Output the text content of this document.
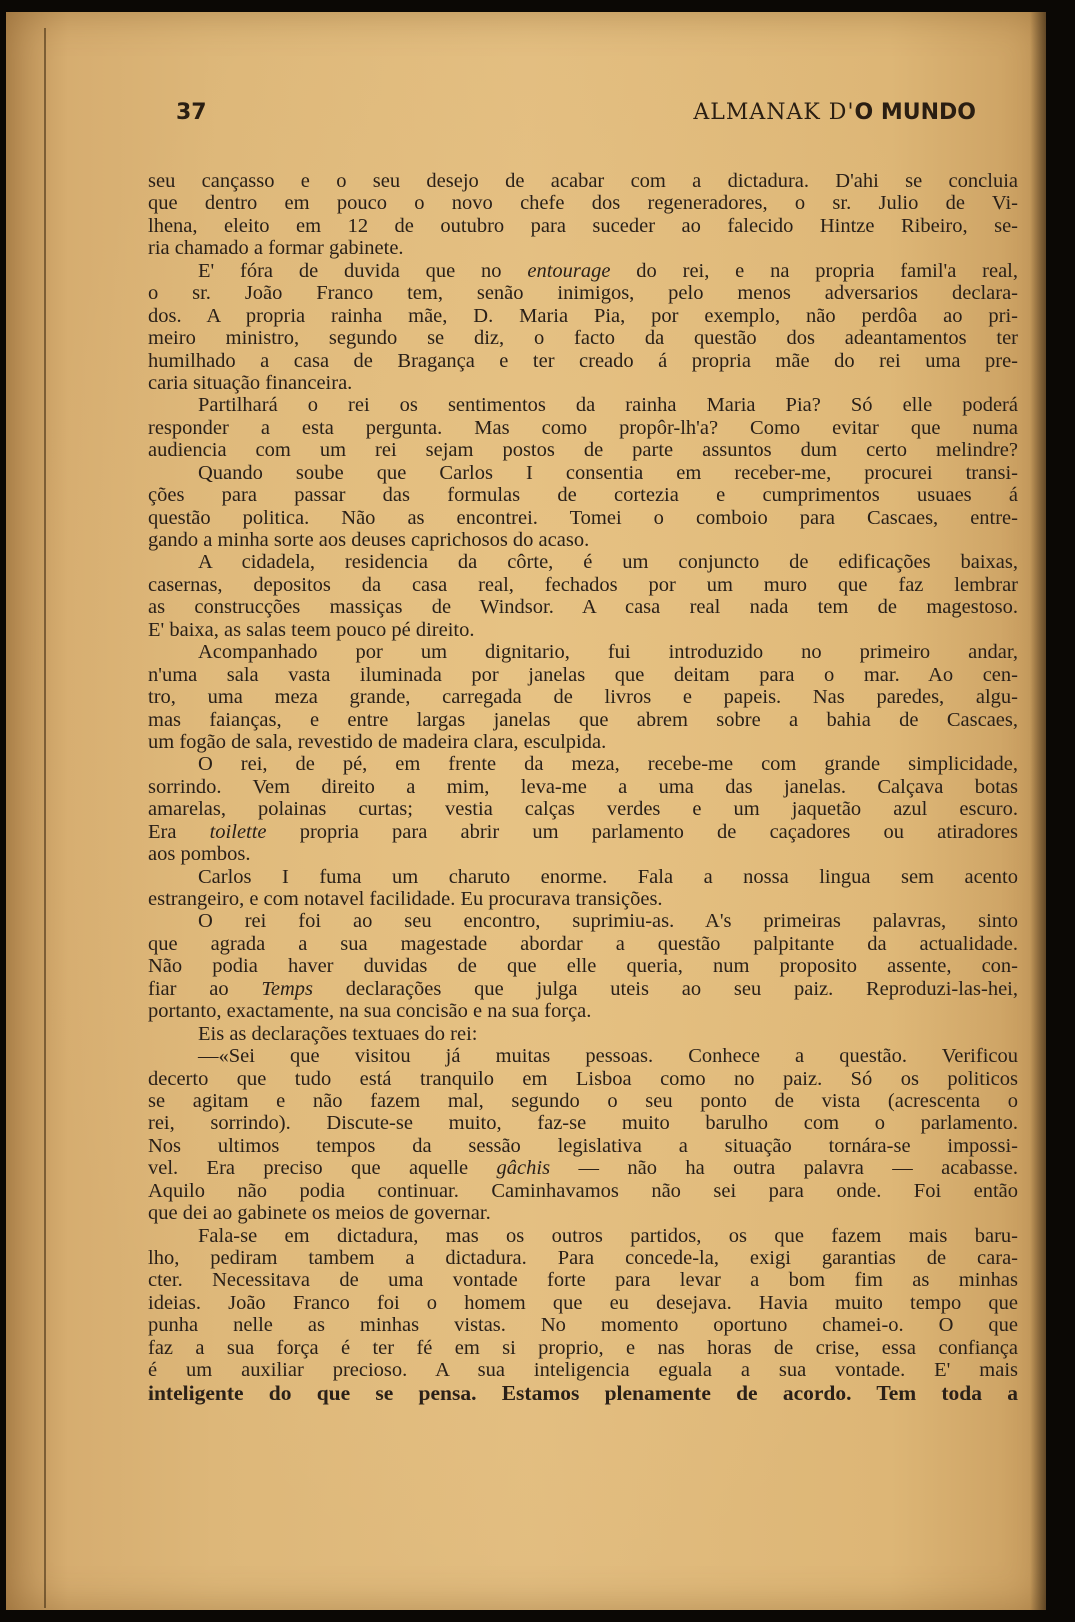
37	ALMANAK D'O MUNDO
seu cançasso e o seu desejo de acabar com a dictadura. D'ahi se concluia
que dentro em pouco o novo chefe dos regeneradores, o sr. Julio de Vi-
lhena, eleito em 12 de outubro para suceder ao falecido Hintze Ribeiro, se-
ria chamado a formar gabinete.
E' fóra de duvida que no entourage do rei, e na propria famil'a real,
o sr. João Franco tem, senão inimigos, pelo menos adversarios declara-
dos. A propria rainha mãe, D. Maria Pia, por exemplo, não perdôa ao pri-
meiro ministro, segundo se diz, o facto da questão dos adeantamentos ter
humilhado a casa de Bragança e ter creado á propria mãe do rei uma pre-
caria situação financeira.
Partilhará o rei os sentimentos da rainha Maria Pia? Só elle poderá
responder a esta pergunta. Mas como propôr-lh'a? Como evitar que numa
audiencia com um rei sejam postos de parte assuntos dum certo melindre?
Quando soube que Carlos I consentia em receber-me, procurei transi-
ções para passar das formulas de cortezia e cumprimentos usuaes á
questão politica. Não as encontrei. Tomei o comboio para Cascaes, entre-
gando a minha sorte aos deuses caprichosos do acaso.
A cidadela, residencia da côrte, é um conjuncto de edificações baixas,
casernas, depositos da casa real, fechados por um muro que faz lembrar
as construcções massiças de Windsor. A casa real nada tem de magestoso.
E' baixa, as salas teem pouco pé direito.
Acompanhado por um dignitario, fui introduzido no primeiro andar,
n'uma sala vasta iluminada por janelas que deitam para o mar. Ao cen-
tro, uma meza grande, carregada de livros e papeis. Nas paredes, algu-
mas faianças, e entre largas janelas que abrem sobre a bahia de Cascaes,
um fogão de sala, revestido de madeira clara, esculpida.
O rei, de pé, em frente da meza, recebe-me com grande simplicidade,
sorrindo. Vem direito a mim, leva-me a uma das janelas. Calçava botas
amarelas, polainas curtas; vestia calças verdes e um jaquetão azul escuro.
Era toilette propria para abrir um parlamento de caçadores ou atiradores
aos pombos.
Carlos I fuma um charuto enorme. Fala a nossa lingua sem acento
estrangeiro, e com notavel facilidade. Eu procurava transições.
O rei foi ao seu encontro, suprimiu-as. A's primeiras palavras, sinto
que agrada a sua magestade abordar a questão palpitante da actualidade.
Não podia haver duvidas de que elle queria, num proposito assente, con-
fiar ao Temps declarações que julga uteis ao seu paiz. Reproduzi-las-hei,
portanto, exactamente, na sua concisão e na sua força.
Eis as declarações textuaes do rei:
—«Sei que visitou já muitas pessoas. Conhece a questão. Verificou
decerto que tudo está tranquilo em Lisboa como no paiz. Só os politicos
se agitam e não fazem mal, segundo o seu ponto de vista (acrescenta o
rei, sorrindo). Discute-se muito, faz-se muito barulho com o parlamento.
Nos ultimos tempos da sessão legislativa a situação tornára-se impossi-
vel. Era preciso que aquelle gâchis — não ha outra palavra — acabasse.
Aquilo não podia continuar. Caminhavamos não sei para onde. Foi então
que dei ao gabinete os meios de governar.
Fala-se em dictadura, mas os outros partidos, os que fazem mais baru-
lho, pediram tambem a dictadura. Para concede-la, exigi garantias de cara-
cter. Necessitava de uma vontade forte para levar a bom fim as minhas
ideias. João Franco foi o homem que eu desejava. Havia muito tempo que
punha nelle as minhas vistas. No momento oportuno chamei-o. O que
faz a sua força é ter fé em si proprio, e nas horas de crise, essa confiança
é um auxiliar precioso. A sua inteligencia eguala a sua vontade. E' mais
inteligente do que se pensa. Estamos plenamente de acordo. Tem toda a
